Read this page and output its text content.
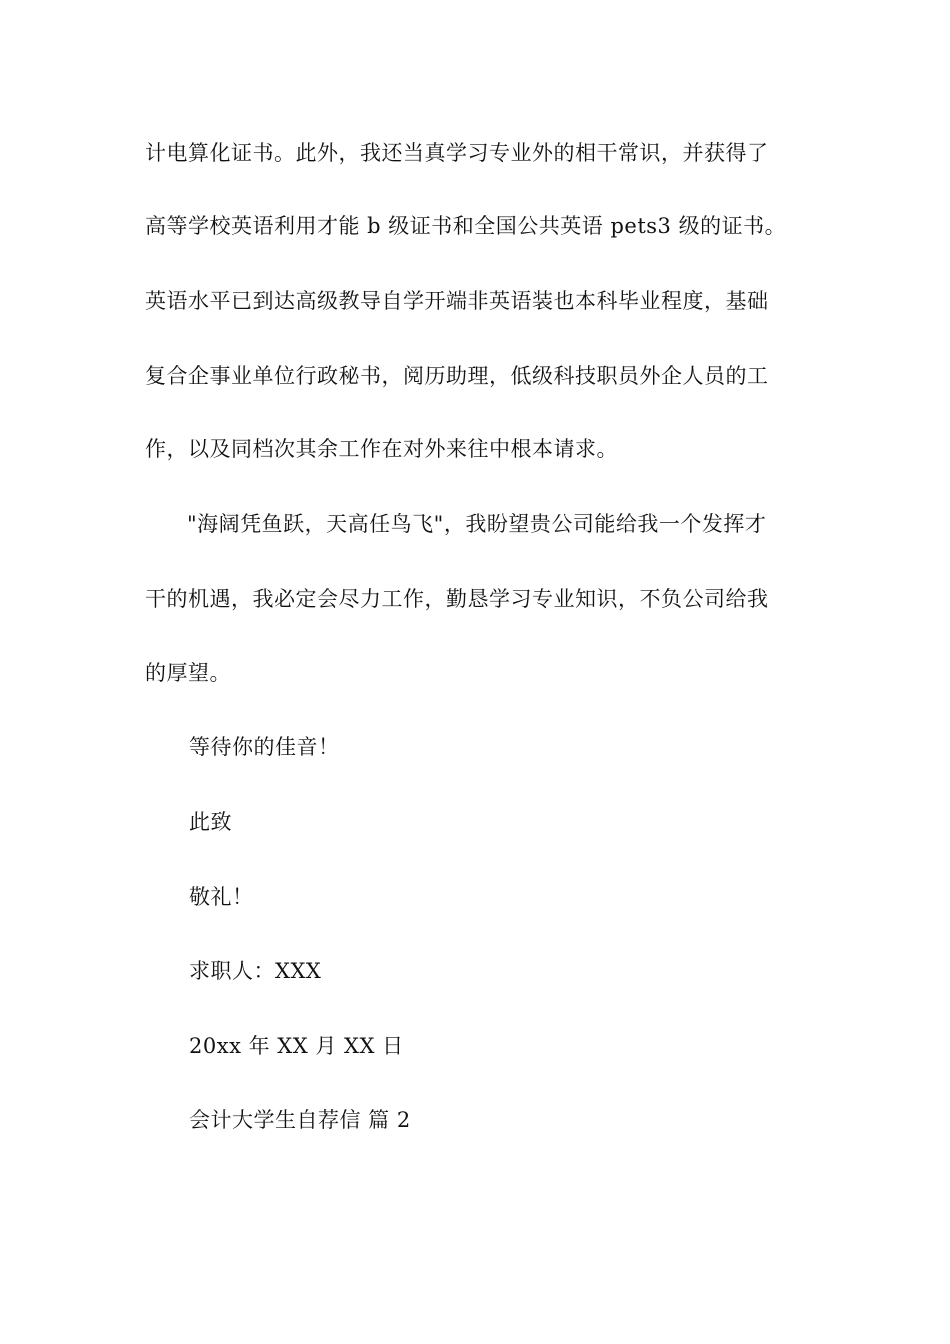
计电算化证书。此外，我还当真学习专业外的相干常识，并获得了
高等学校英语利用才能 b 级证书和全国公共英语 pets3 级的证书。
英语水平已到达高级教导自学开端非英语装也本科毕业程度，基础
复合企事业单位行政秘书，阅历助理，低级科技职员外企人员的工
作，以及同档次其余工作在对外来往中根本请求。
"海阔凭鱼跃，天高任鸟飞"，我盼望贵公司能给我一个发挥才
干的机遇，我必定会尽力工作，勤恳学习专业知识，不负公司给我
的厚望。
等待你的佳音！
此致
敬礼！
求职人：XXX
20xx 年 XX 月 XX 日
会计大学生自荐信 篇 2
